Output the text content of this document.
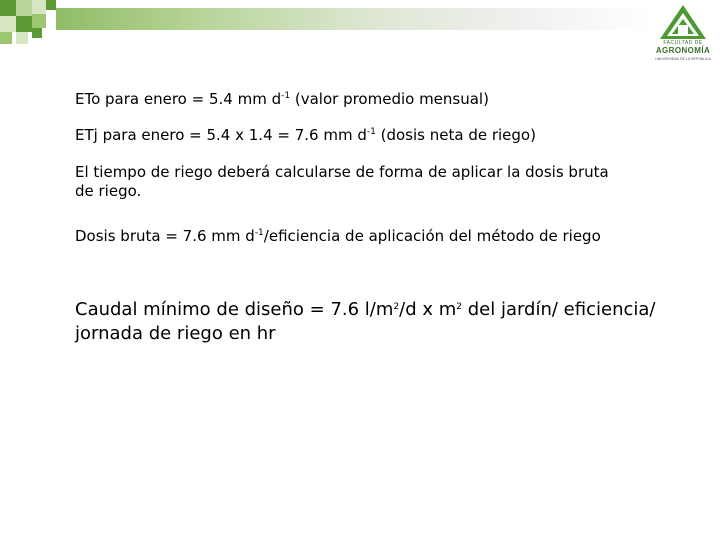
FACULTAD DE
AGRONOMÍA
UNIVERSIDAD DE LA REPUBLICA

ETo para enero = 5.4 mm $d^{-1}$ (valor promedio mensual)

ETj para enero = 5.4 x 1.4 = 7.6 mm $d^{-1}$ (dosis neta de riego)

El tiempo de riego deberá calcularse de forma de aplicar la dosis bruta

de riego.

Dosis bruta = 7.6 mm $d^{-1}$/eficiencia de aplicación del método de riego

Caudal mínimo de diseño = 7.6 $l/m^2/d$ x $m^2$ del jardín/ eficiencia/

jornada de riego en hr
